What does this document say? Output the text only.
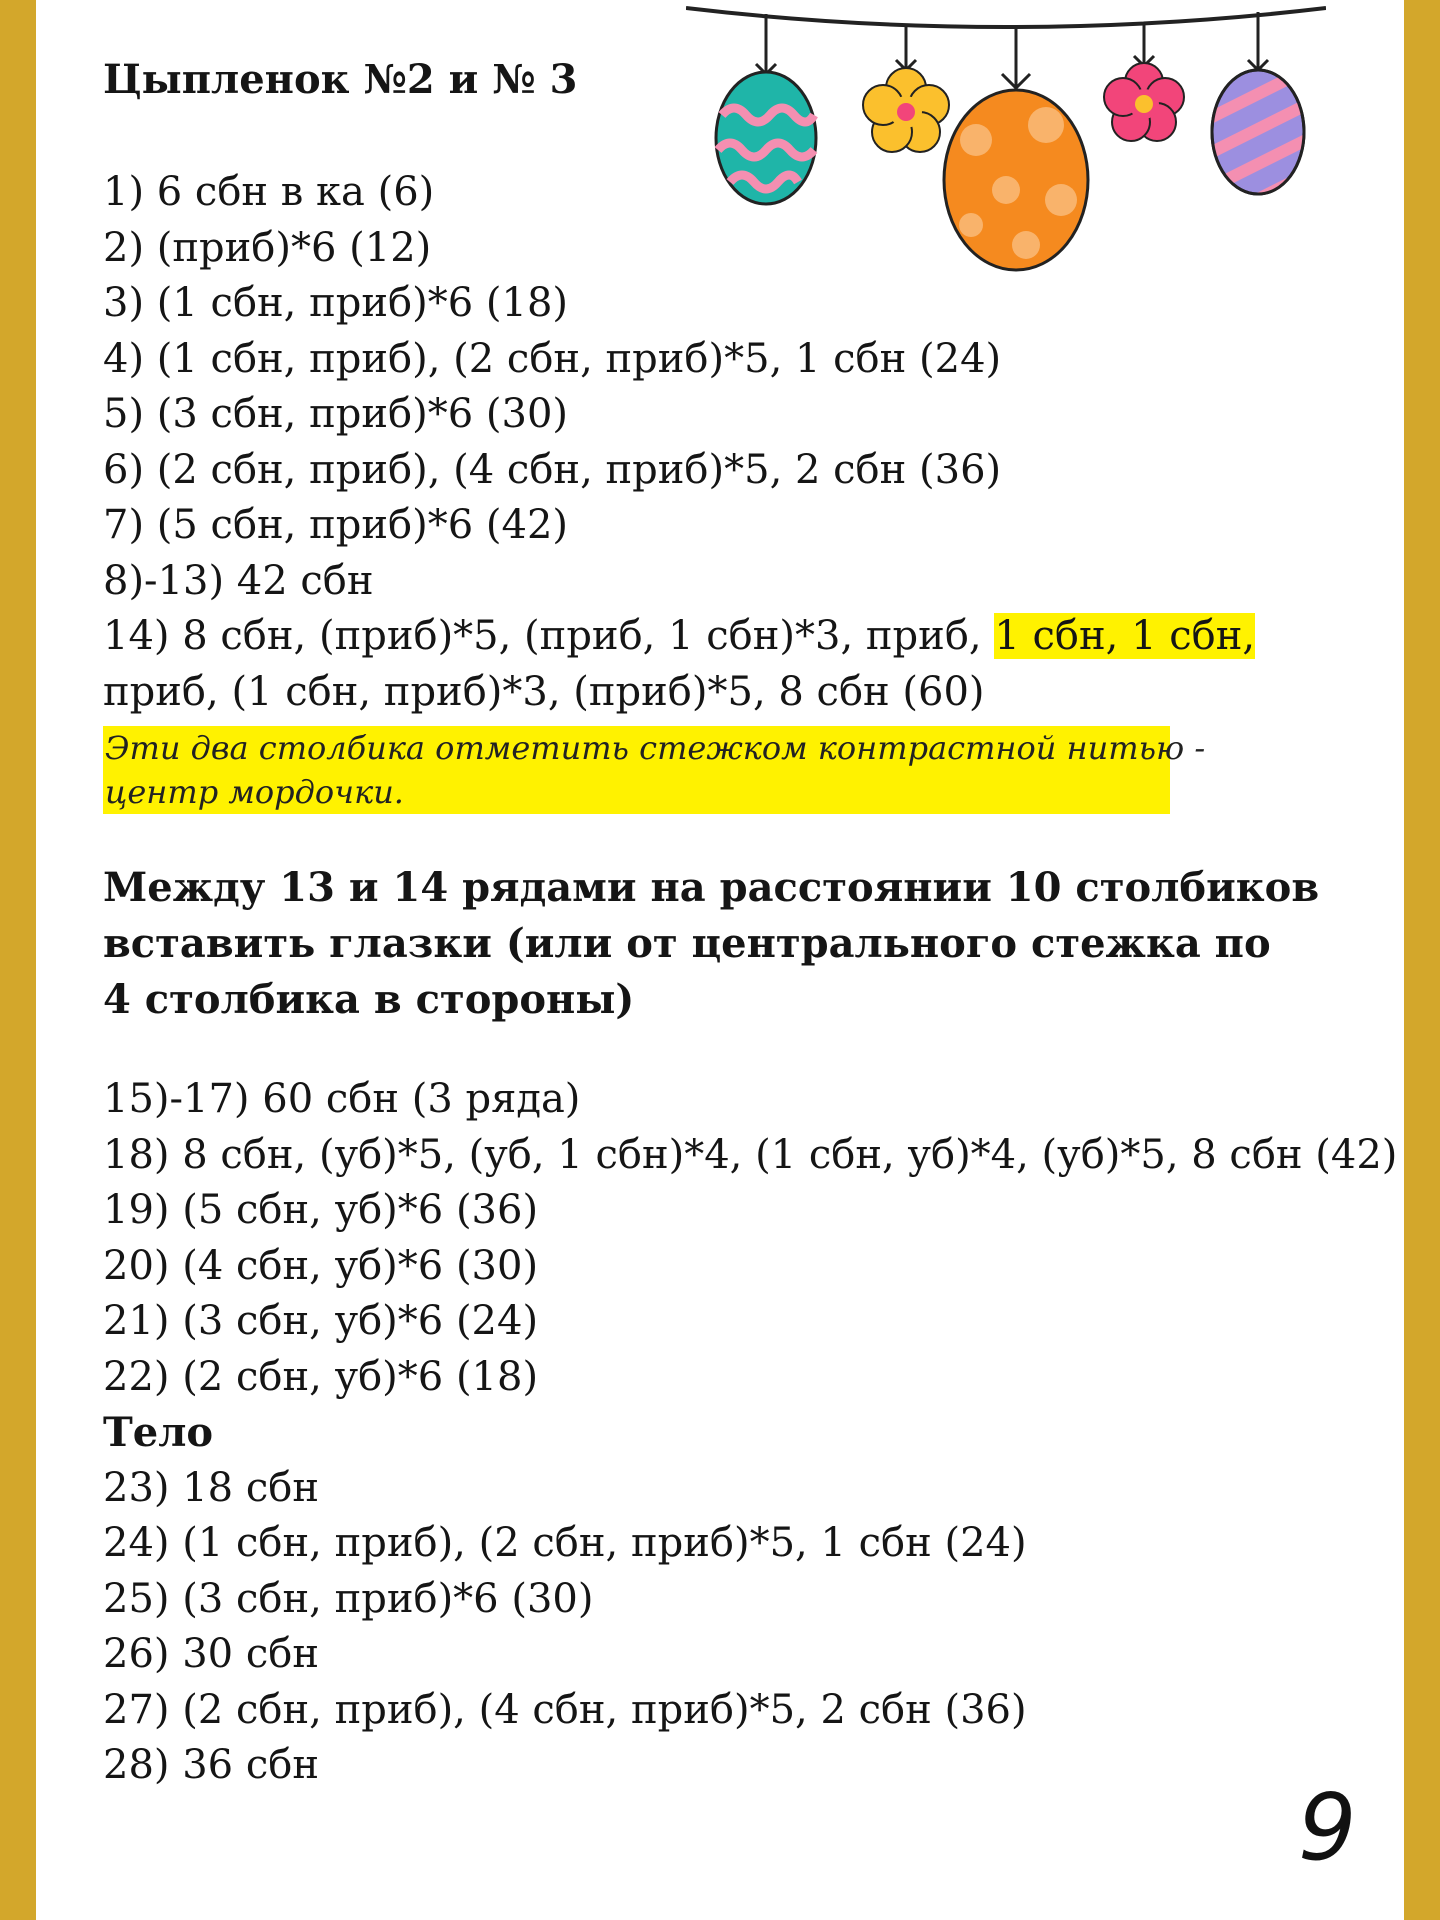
Цыпленок №2 и № 3
1) 6 сбн в ка (6)
2) (приб)*6 (12)
3) (1 сбн, приб)*6 (18)
4) (1 сбн, приб), (2 сбн, приб)*5, 1 сбн (24)
5) (3 сбн, приб)*6 (30)
6) (2 сбн, приб), (4 сбн, приб)*5, 2 сбн (36)
7) (5 сбн, приб)*6 (42)
8)-13) 42 сбн
14) 8 сбн, (приб)*5, (приб, 1 сбн)*3, приб, 1 сбн, 1 сбн,
приб, (1 сбн, приб)*3, (приб)*5, 8 сбн (60)
Эти два столбика отметить стежком контрастной нитью -
центр мордочки.
Между 13 и 14 рядами на расстоянии 10 столбиков
вставить глазки (или от центрального стежка по
4 столбика в стороны)
15)-17) 60 сбн (3 ряда)
18) 8 сбн, (уб)*5, (уб, 1 сбн)*4, (1 сбн, уб)*4, (уб)*5, 8 сбн (42)
19) (5 сбн, уб)*6 (36)
20) (4 сбн, уб)*6 (30)
21) (3 сбн, уб)*6 (24)
22) (2 сбн, уб)*6 (18)
Тело
23) 18 сбн
24) (1 сбн, приб), (2 сбн, приб)*5, 1 сбн (24)
25) (3 сбн, приб)*6 (30)
26) 30 сбн
27) (2 сбн, приб), (4 сбн, приб)*5, 2 сбн (36)
28) 36 сбн
9
